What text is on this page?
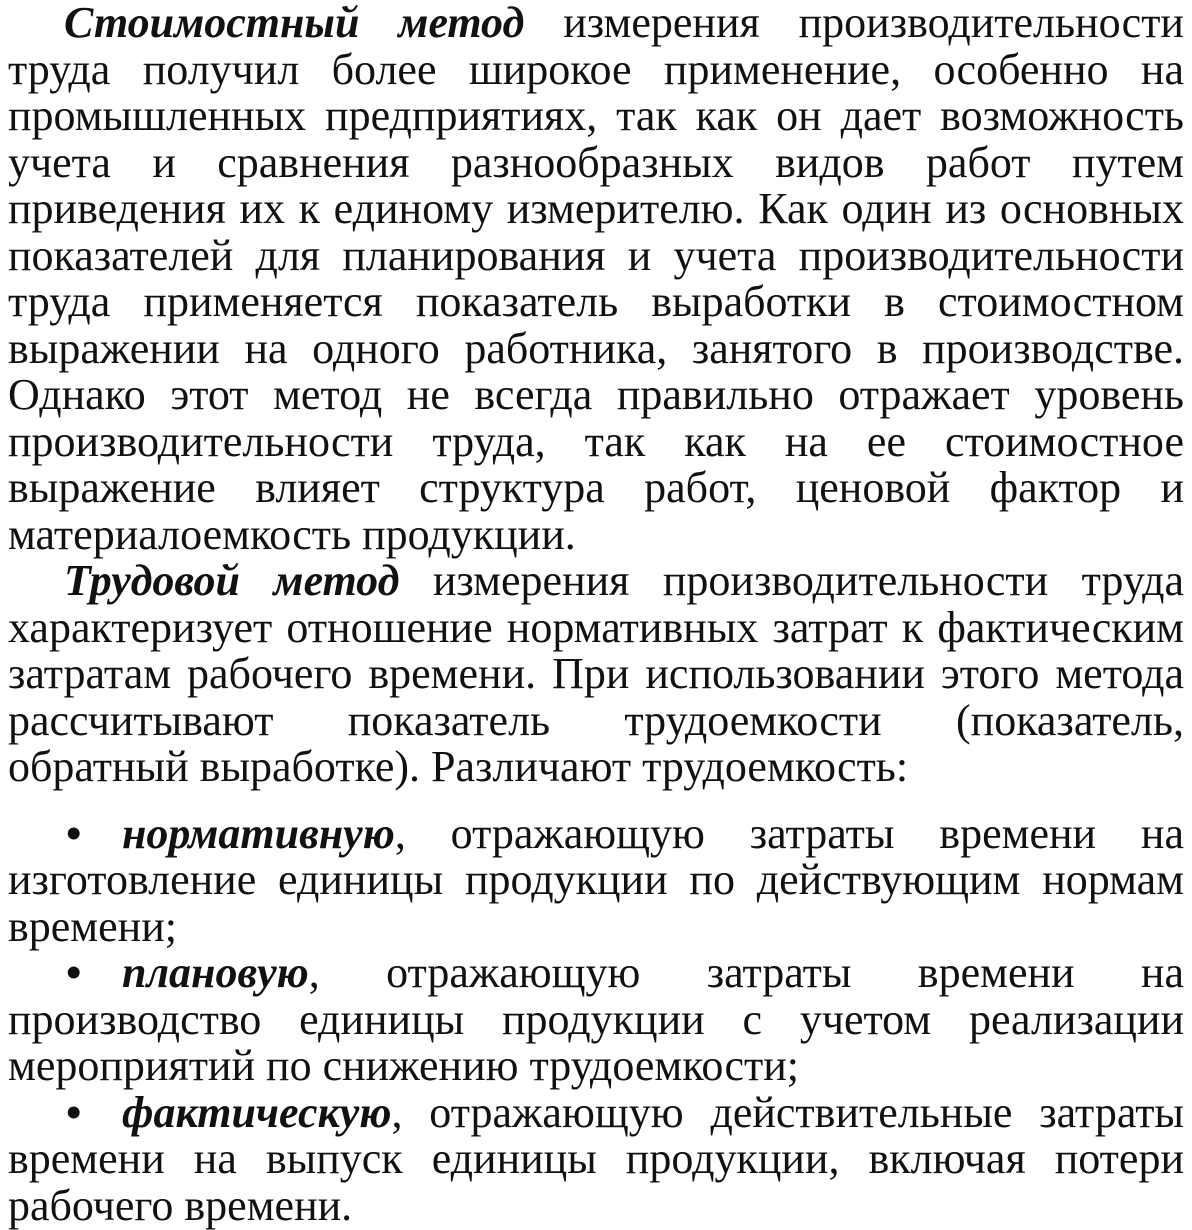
Стоимостный метод измерения производительности труда получил более широкое применение, особенно на промышленных предприятиях, так как он дает возможность учета и сравнения разнообразных видов работ путем приведения их к единому измерителю. Как один из основных показателей для планирования и учета производительности труда применяется показатель выработки в стоимостном выражении на одного работника, занятого в производстве. Однако этот метод не всегда правильно отражает уровень производительности труда, так как на ее стоимостное выражение влияет структура работ, ценовой фактор и материалоемкость продукции.

Трудовой метод измерения производительности труда характеризует отношение нормативных затрат к фактическим затратам рабочего времени. При использовании этого метода рассчитывают показатель трудоемкости (показатель, обратный выработке). Различают трудоемкость:

• нормативную, отражающую затраты времени на изготовление единицы продукции по действующим нормам времени;
• плановую, отражающую затраты времени на производство единицы продукции с учетом реализации мероприятий по снижению трудоемкости;
• фактическую, отражающую действительные затраты времени на выпуск единицы продукции, включая потери рабочего времени.
